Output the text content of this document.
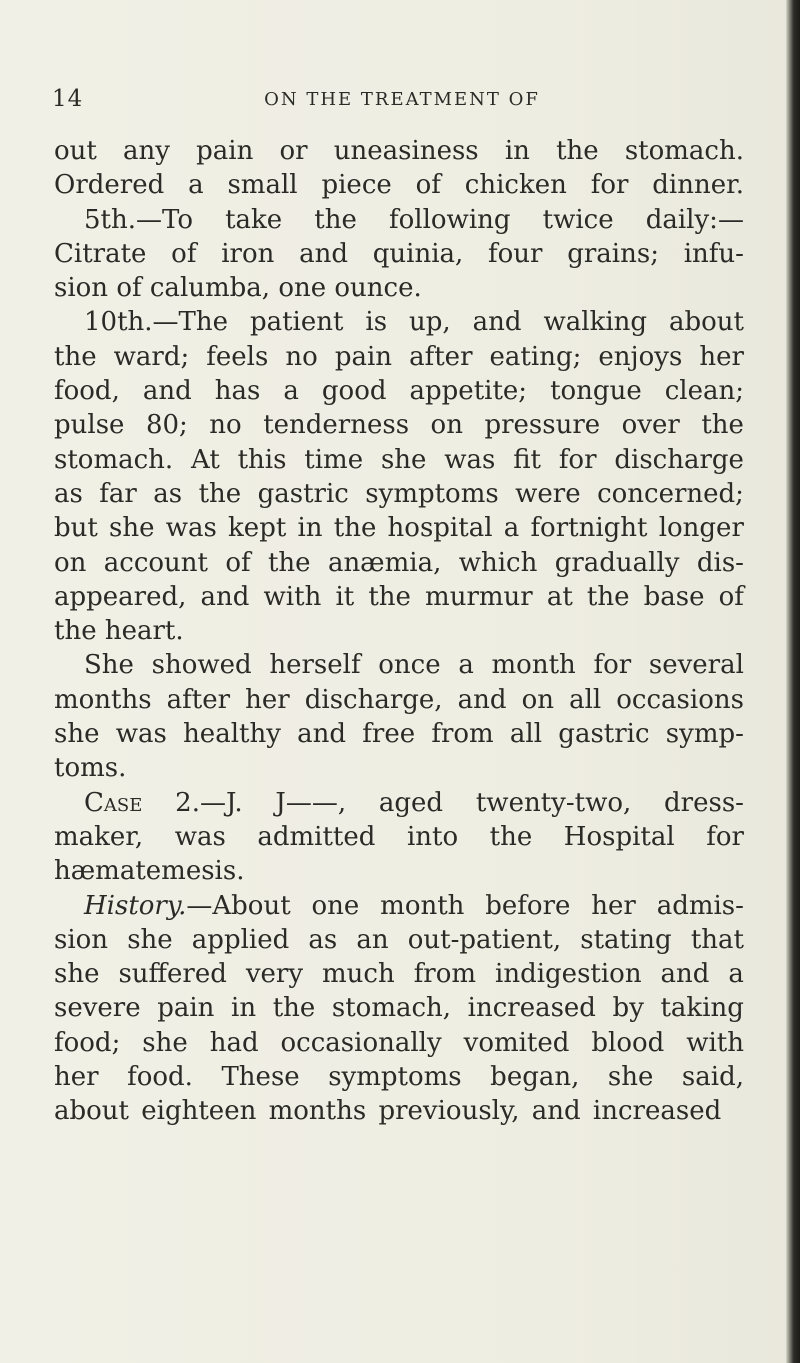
14	ON THE TREATMENT OF
out any pain or uneasiness in the stomach.
Ordered a small piece of chicken for dinner.
5th.—To take the following twice daily:—
Citrate of iron and quinia, four grains; infu-
sion
of
calumba,
one
ounce.
10th.—The patient is up, and walking about
the ward; feels no pain after eating; enjoys her
food, and has a good appetite; tongue clean;
pulse 80; no tenderness on pressure over the
stomach. At this time she was fit for discharge
as far as the gastric symptoms were concerned;
but she was kept in the hospital a fortnight longer
on account of the anæmia, which gradually dis-
appeared, and with it the murmur at the base of
the
heart.
She showed herself once a month for several
months after her discharge, and on all occasions
she was healthy and free from all gastric symp-
toms.
Case 2.—J. J——, aged twenty-two, dress-
maker, was admitted into the Hospital for
hæmatemesis.
History.—About one month before her admis-
sion she applied as an out-patient, stating that
she suffered very much from indigestion and a
severe pain in the stomach, increased by taking
food; she had occasionally vomited blood with
her food. These symptoms began, she said,
about
eighteen
months
previously,
and
increased
